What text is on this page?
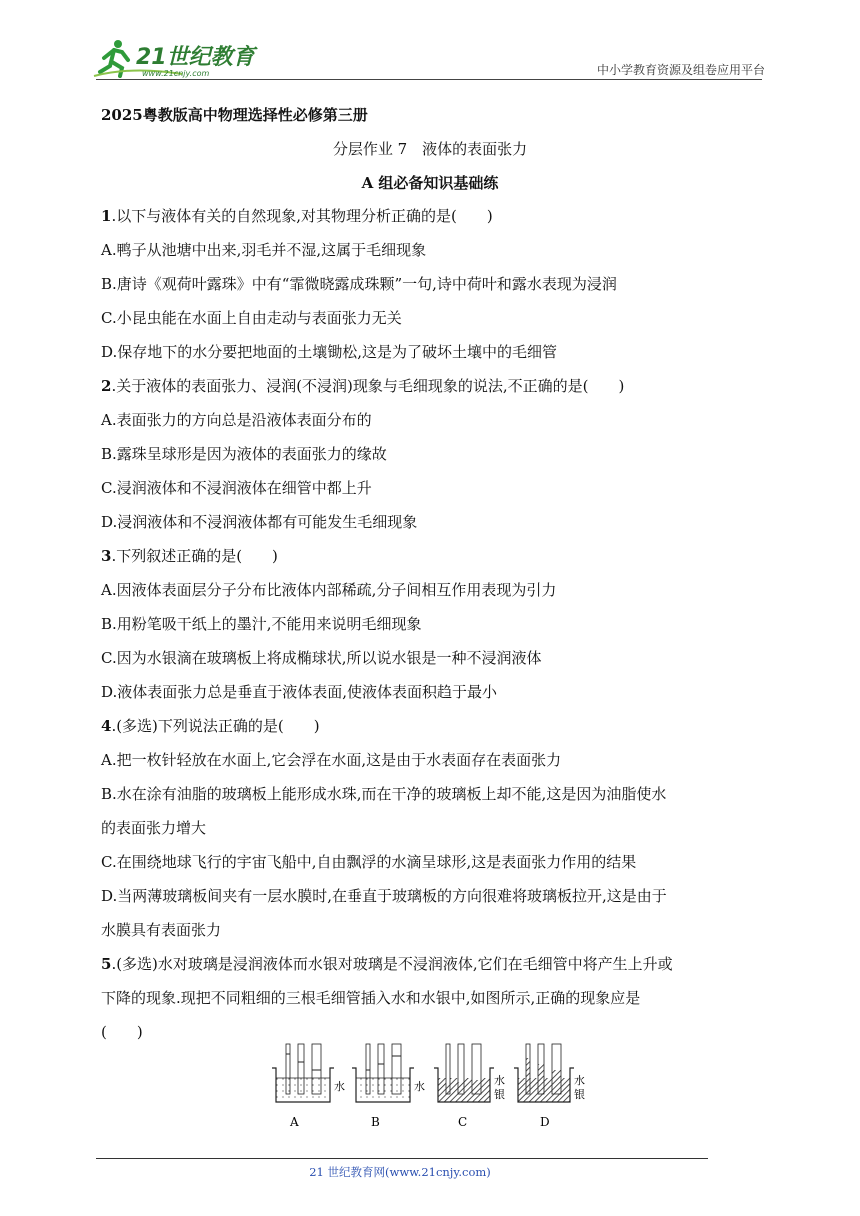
21世纪教育
www.21cnjy.com	中小学教育资源及组卷应用平台
2025粤教版高中物理选择性必修第三册
分层作业 7　液体的表面张力
A 组必备知识基础练
1.以下与液体有关的自然现象,对其物理分析正确的是(　　)
A.鸭子从池塘中出来,羽毛并不湿,这属于毛细现象
B.唐诗《观荷叶露珠》中有“霏微晓露成珠颗”一句,诗中荷叶和露水表现为浸润
C.小昆虫能在水面上自由走动与表面张力无关
D.保存地下的水分要把地面的土壤锄松,这是为了破坏土壤中的毛细管
2.关于液体的表面张力、浸润(不浸润)现象与毛细现象的说法,不正确的是(　　)
A.表面张力的方向总是沿液体表面分布的
B.露珠呈球形是因为液体的表面张力的缘故
C.浸润液体和不浸润液体在细管中都上升
D.浸润液体和不浸润液体都有可能发生毛细现象
3.下列叙述正确的是(　　)
A.因液体表面层分子分布比液体内部稀疏,分子间相互作用表现为引力
B.用粉笔吸干纸上的墨汁,不能用来说明毛细现象
C.因为水银滴在玻璃板上将成椭球状,所以说水银是一种不浸润液体
D.液体表面张力总是垂直于液体表面,使液体表面积趋于最小
4.(多选)下列说法正确的是(　　)
A.把一枚针轻放在水面上,它会浮在水面,这是由于水表面存在表面张力
B.水在涂有油脂的玻璃板上能形成水珠,而在干净的玻璃板上却不能,这是因为油脂使水
的表面张力增大
C.在围绕地球飞行的宇宙飞船中,自由飘浮的水滴呈球形,这是表面张力作用的结果
D.当两薄玻璃板间夹有一层水膜时,在垂直于玻璃板的方向很难将玻璃板拉开,这是由于
水膜具有表面张力
5.(多选)水对玻璃是浸润液体而水银对玻璃是不浸润液体,它们在毛细管中将产生上升或
下降的现象.现把不同粗细的三根毛细管插入水和水银中,如图所示,正确的现象应是
(　　)
水
A
水
B
水
银
C
水
银
D
21 世纪教育网(www.21cnjy.com)
